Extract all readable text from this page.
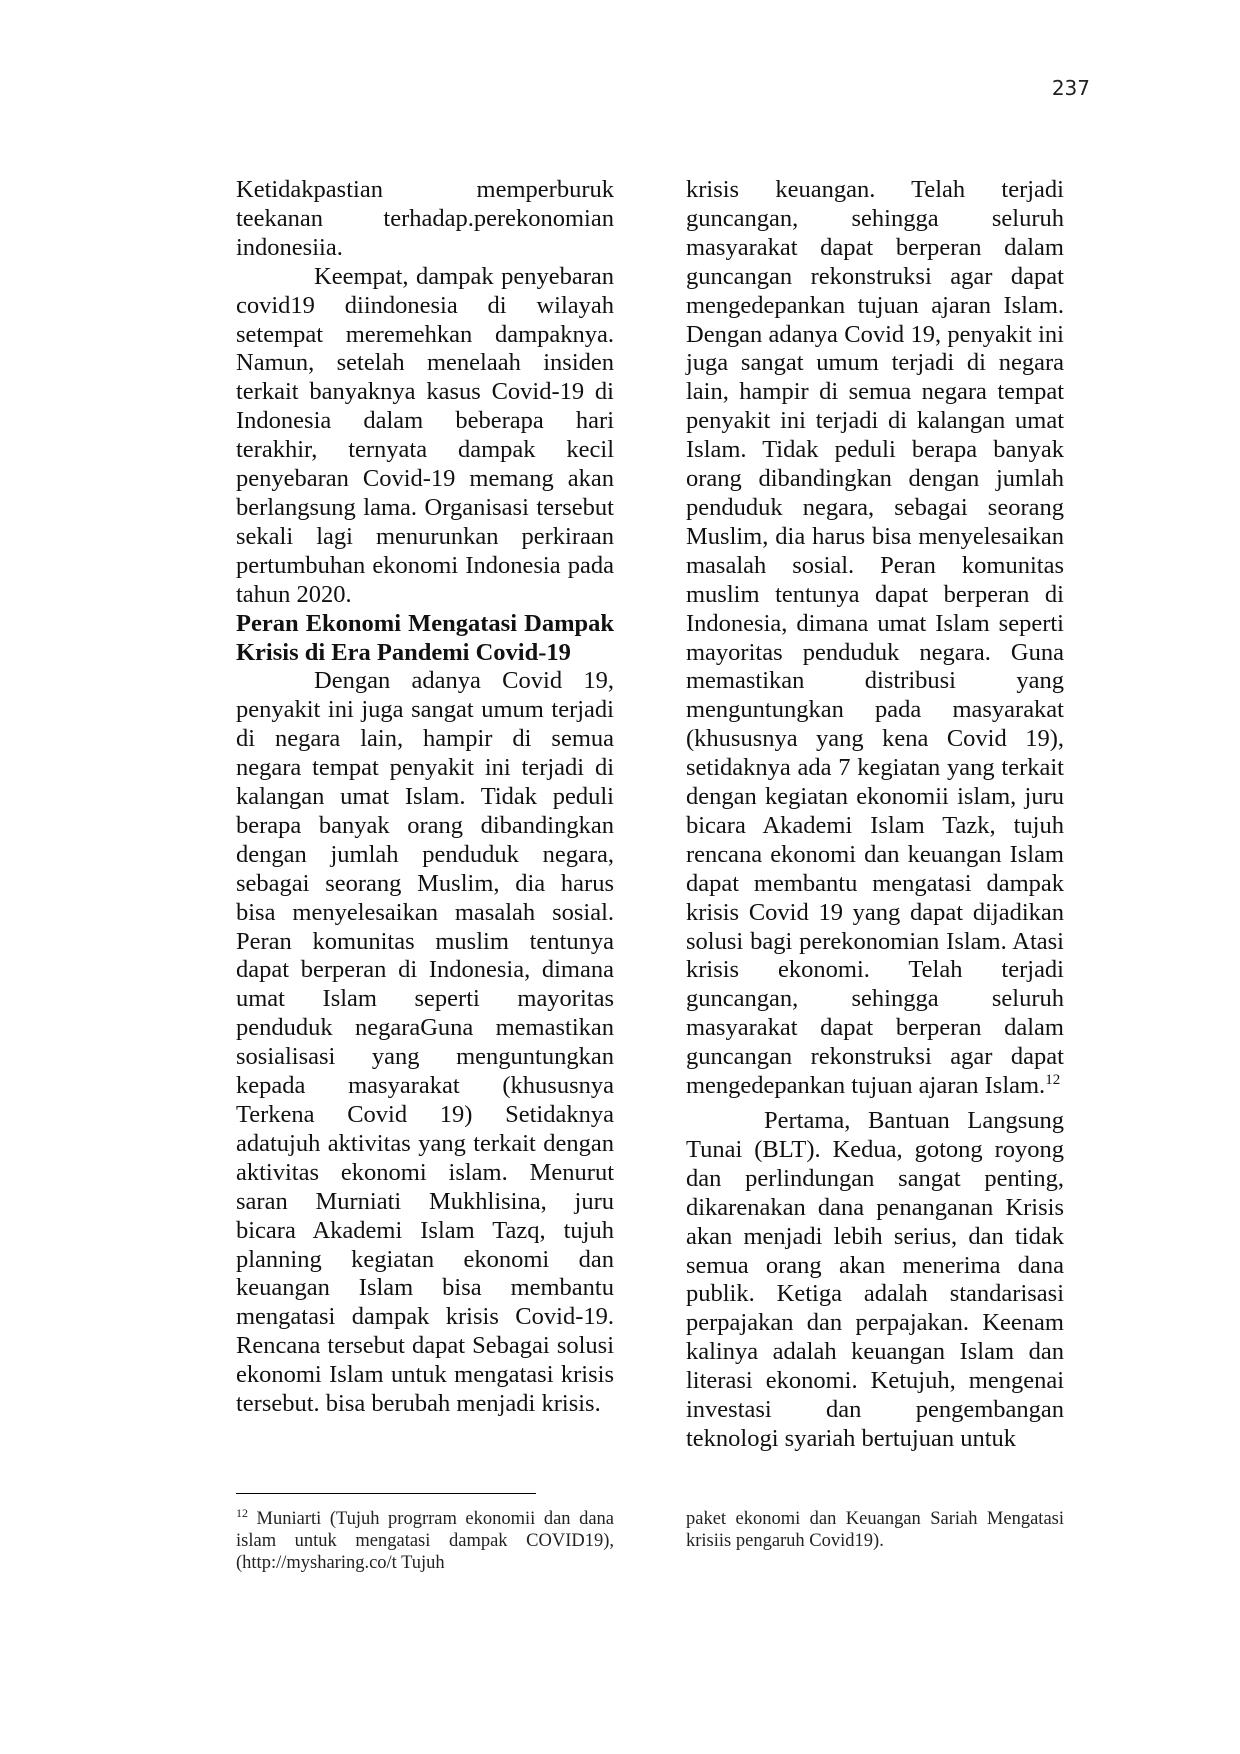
237

Ketidakpastian memperburuk teekanan terhadap.perekonomian indonesiia.

Keempat, dampak penyebaran covid19 diindonesia di wilayah setempat meremehkan dampaknya. Namun, setelah menelaah insiden terkait banyaknya kasus Covid-19 di Indonesia dalam beberapa hari terakhir, ternyata dampak kecil penyebaran Covid-19 memang akan berlangsung lama. Organisasi tersebut sekali lagi menurunkan perkiraan pertumbuhan ekonomi Indonesia pada tahun 2020.

Peran Ekonomi Mengatasi Dampak Krisis di Era Pandemi Covid-19

Dengan adanya Covid 19, penyakit ini juga sangat umum terjadi di negara lain, hampir di semua negara tempat penyakit ini terjadi di kalangan umat Islam. Tidak peduli berapa banyak orang dibandingkan dengan jumlah penduduk negara, sebagai seorang Muslim, dia harus bisa menyelesaikan masalah sosial. Peran komunitas muslim tentunya dapat berperan di Indonesia, dimana umat Islam seperti mayoritas penduduk negaraGuna memastikan sosialisasi yang menguntungkan kepada masyarakat (khususnya Terkena Covid 19) Setidaknya adatujuh aktivitas yang terkait dengan aktivitas ekonomi islam. Menurut saran Murniati Mukhlisina, juru bicara Akademi Islam Tazq, tujuh planning kegiatan ekonomi dan keuangan Islam bisa membantu mengatasi dampak krisis Covid-19. Rencana tersebut dapat Sebagai solusi ekonomi Islam untuk mengatasi krisis tersebut. bisa berubah menjadi krisis.

krisis keuangan. Telah terjadi guncangan, sehingga seluruh masyarakat dapat berperan dalam guncangan rekonstruksi agar dapat mengedepankan tujuan ajaran Islam. Dengan adanya Covid 19, penyakit ini juga sangat umum terjadi di negara lain, hampir di semua negara tempat penyakit ini terjadi di kalangan umat Islam. Tidak peduli berapa banyak orang dibandingkan dengan jumlah penduduk negara, sebagai seorang Muslim, dia harus bisa menyelesaikan masalah sosial. Peran komunitas muslim tentunya dapat berperan di Indonesia, dimana umat Islam seperti mayoritas penduduk negara. Guna memastikan distribusi yang menguntungkan pada masyarakat (khususnya yang kena Covid 19), setidaknya ada 7 kegiatan yang terkait dengan kegiatan ekonomii islam, juru bicara Akademi Islam Tazk, tujuh rencana ekonomi dan keuangan Islam dapat membantu mengatasi dampak krisis Covid 19 yang dapat dijadikan solusi bagi perekonomian Islam. Atasi krisis ekonomi. Telah terjadi guncangan, sehingga seluruh masyarakat dapat berperan dalam guncangan rekonstruksi agar dapat mengedepankan tujuan ajaran Islam.$^{12}$

Pertama, Bantuan Langsung Tunai (BLT). Kedua, gotong royong dan perlindungan sangat penting, dikarenakan dana penanganan Krisis akan menjadi lebih serius, dan tidak semua orang akan menerima dana publik. Ketiga adalah standarisasi perpajakan dan perpajakan. Keenam kalinya adalah keuangan Islam dan literasi ekonomi. Ketujuh, mengenai investasi dan pengembangan teknologi syariah bertujuan untuk

$^{12}$ Muniarti (Tujuh progrram ekonomii dan dana islam untuk mengatasi dampak COVID19), (http://mysharing.co/t Tujuh
paket ekonomi dan Keuangan Sariah Mengatasi krisiis pengaruh Covid19).
